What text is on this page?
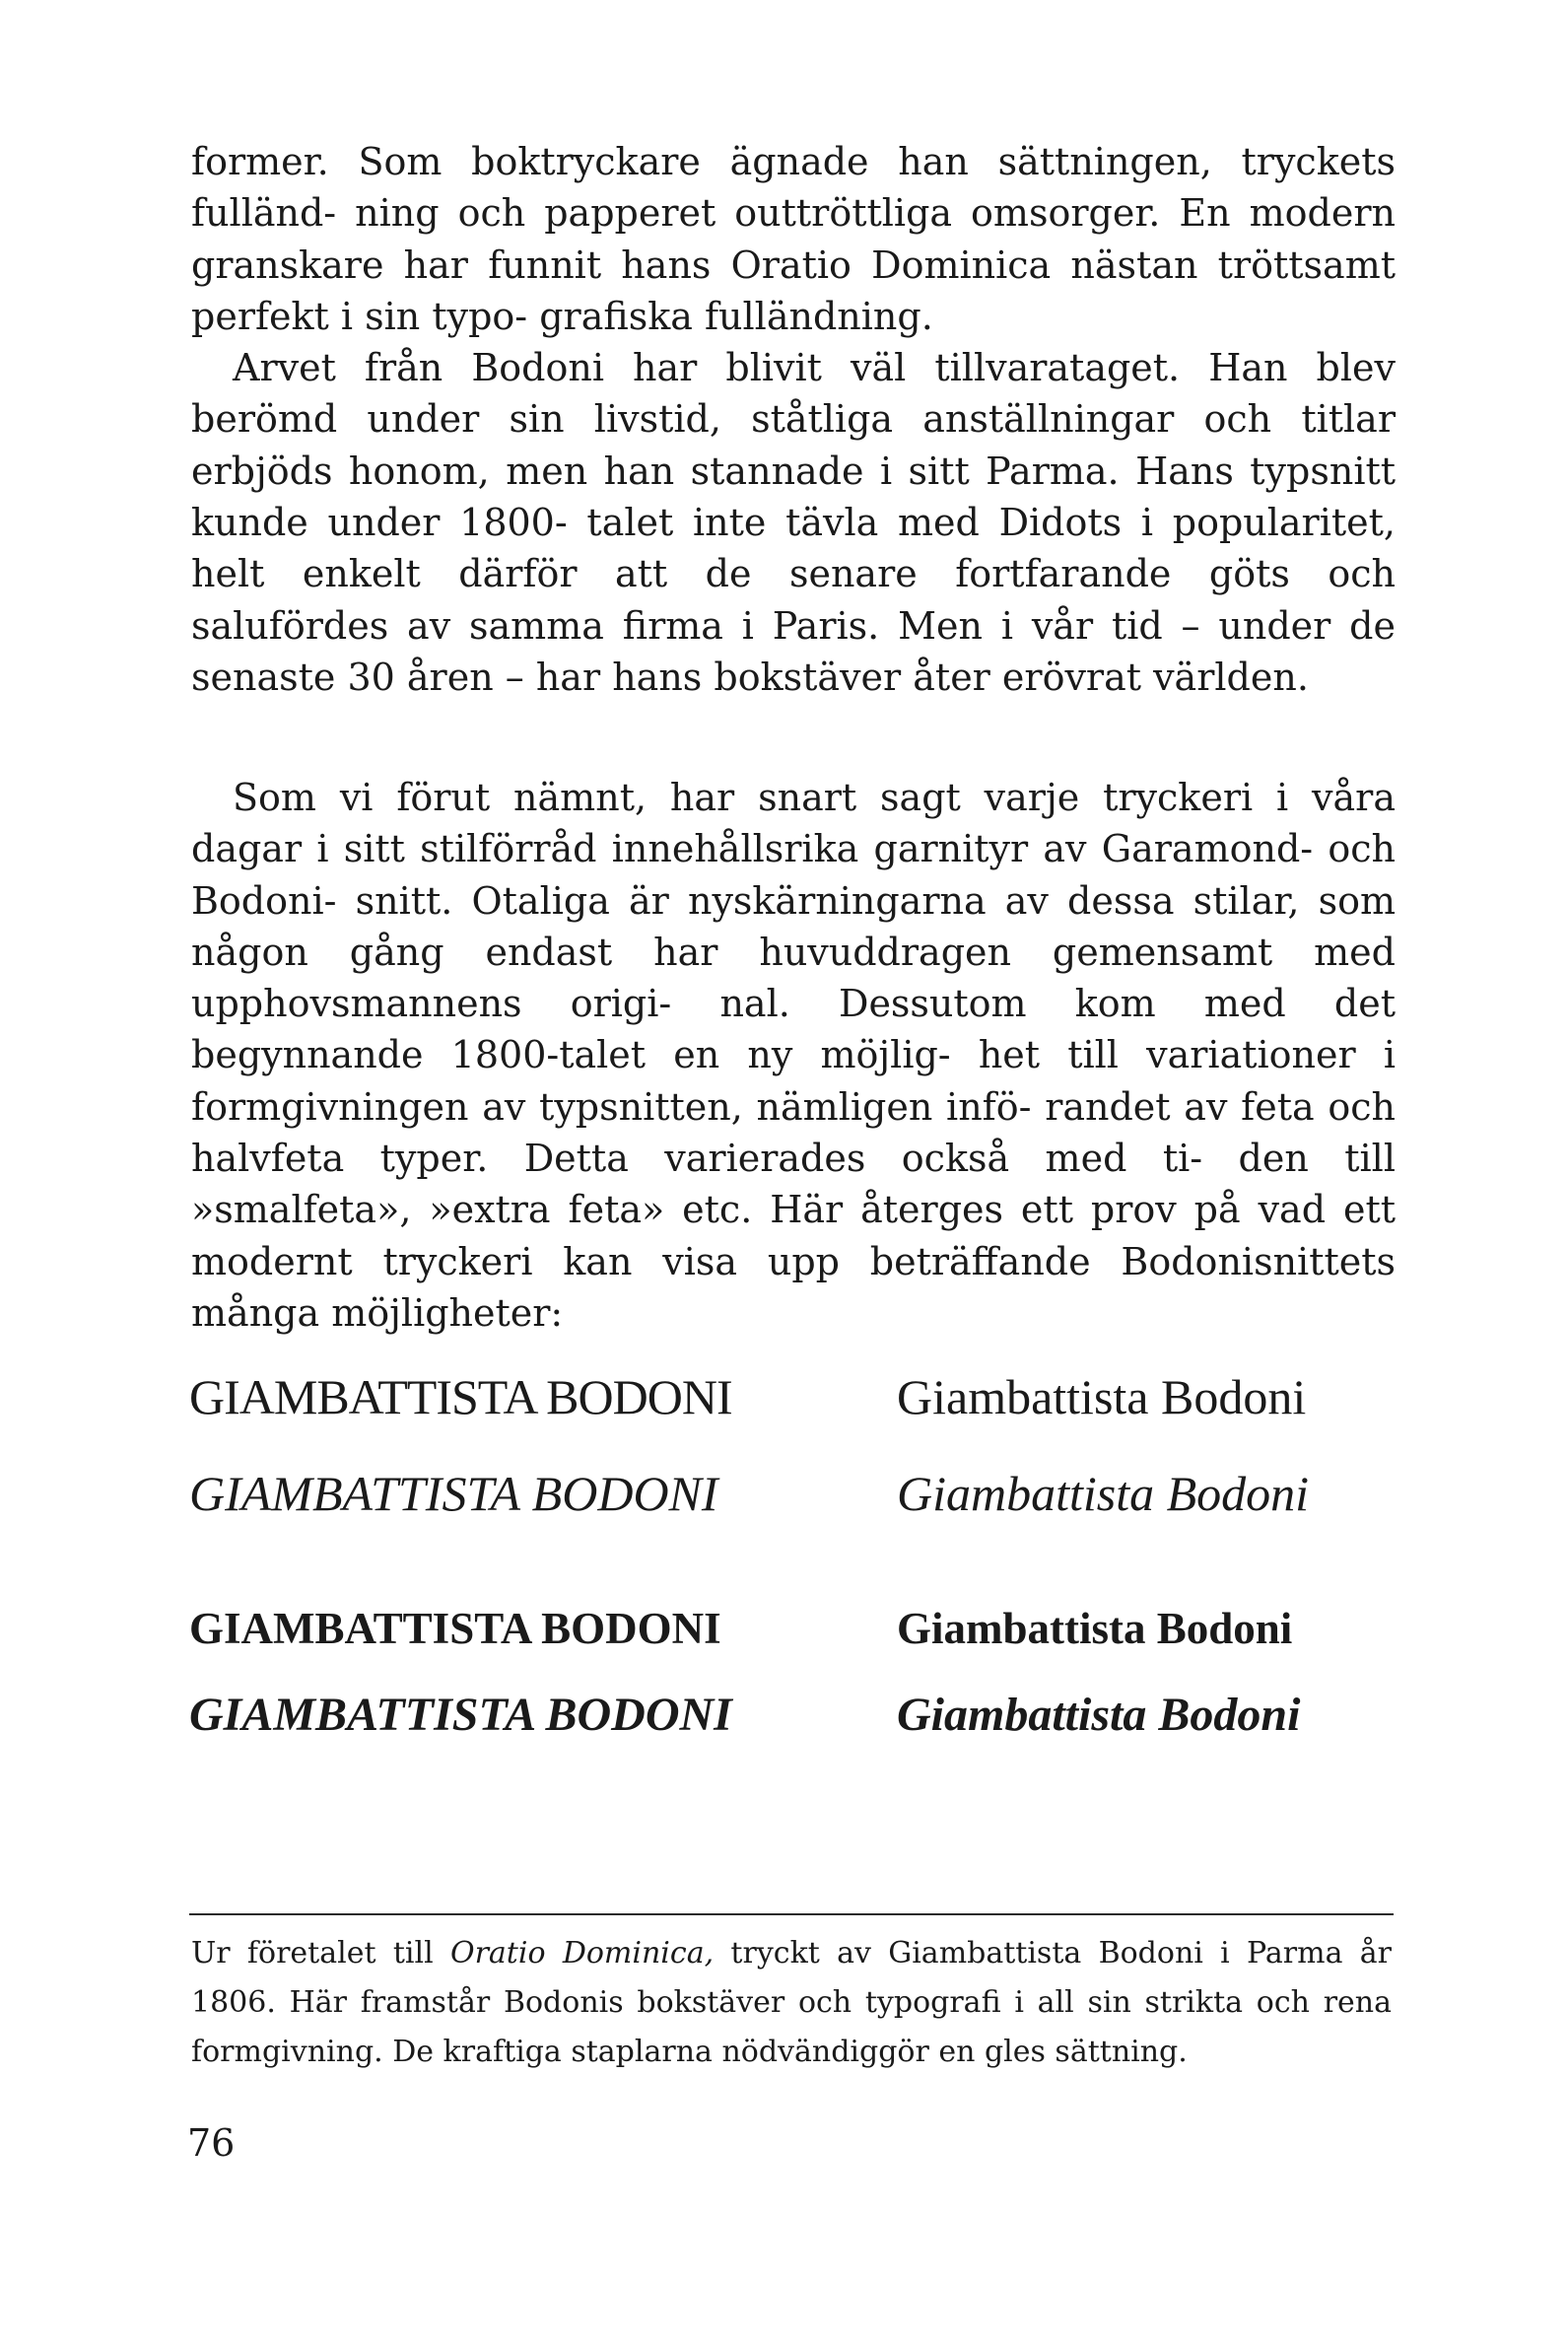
former. Som boktryckare ägnade han sättningen, tryckets fulländ- ning och papperet outtröttliga omsorger. En modern granskare har funnit hans Oratio Dominica nästan tröttsamt perfekt i sin typo- grafiska fulländning.

Arvet från Bodoni har blivit väl tillvarataget. Han blev berömd under sin livstid, ståtliga anställningar och titlar erbjöds honom, men han stannade i sitt Parma. Hans typsnitt kunde under 1800- talet inte tävla med Didots i popularitet, helt enkelt därför att de senare fortfarande göts och salufördes av samma firma i Paris. Men i vår tid – under de senaste 30 åren – har hans bokstäver åter erövrat världen.

Som vi förut nämnt, har snart sagt varje tryckeri i våra dagar i sitt stilförråd innehållsrika garnityr av Garamond- och Bodoni- snitt. Otaliga är nyskärningarna av dessa stilar, som någon gång endast har huvuddragen gemensamt med upphovsmannens origi- nal. Dessutom kom med det begynnande 1800-talet en ny möjlig- het till variationer i formgivningen av typsnitten, nämligen infö- randet av feta och halvfeta typer. Detta varierades också med ti- den till »smalfeta», »extra feta» etc. Här återges ett prov på vad ett modernt tryckeri kan visa upp beträffande Bodonisnittets många möjligheter:

GIAMBATTISTA BODONI	Giambattista Bodoni

GIAMBATTISTA BODONI	Giambattista Bodoni

GIAMBATTISTA BODONI	Giambattista Bodoni

GIAMBATTISTA BODONI	Giambattista Bodoni

Ur företalet till Oratio Dominica, tryckt av Giambattista Bodoni i Parma år 1806. Här framstår Bodonis bokstäver och typografi i all sin strikta och rena formgivning. De kraftiga staplarna nödvändiggör en gles sättning.

76
